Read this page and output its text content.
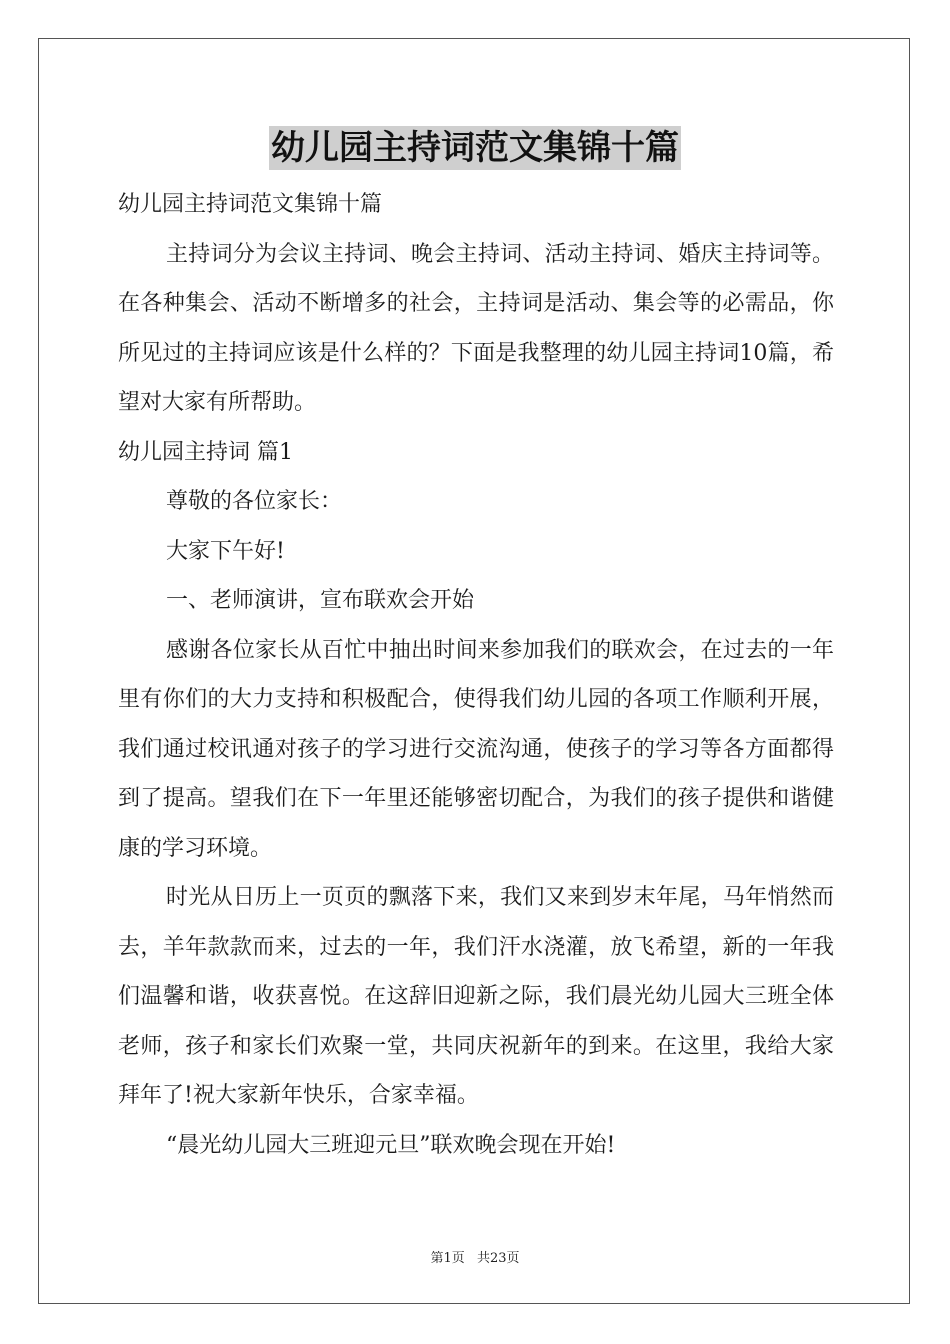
幼儿园主持词范文集锦十篇

幼儿园主持词范文集锦十篇

主持词分为会议主持词、晚会主持词、活动主持词、婚庆主持词等。在各种集会、活动不断增多的社会，主持词是活动、集会等的必需品，你所见过的主持词应该是什么样的？下面是我整理的幼儿园主持词10篇，希望对大家有所帮助。

幼儿园主持词 篇1

尊敬的各位家长：

大家下午好!

一、老师演讲，宣布联欢会开始

感谢各位家长从百忙中抽出时间来参加我们的联欢会，在过去的一年里有你们的大力支持和积极配合，使得我们幼儿园的各项工作顺利开展，我们通过校讯通对孩子的学习进行交流沟通，使孩子的学习等各方面都得到了提高。望我们在下一年里还能够密切配合，为我们的孩子提供和谐健康的学习环境。

时光从日历上一页页的飘落下来，我们又来到岁末年尾，马年悄然而去，羊年款款而来，过去的一年，我们汗水浇灌，放飞希望，新的一年我们温馨和谐，收获喜悦。在这辞旧迎新之际，我们晨光幼儿园大三班全体老师，孩子和家长们欢聚一堂，共同庆祝新年的到来。在这里，我给大家拜年了!祝大家新年快乐，合家幸福。

“晨光幼儿园大三班迎元旦”联欢晚会现在开始!

第1页 共23页
